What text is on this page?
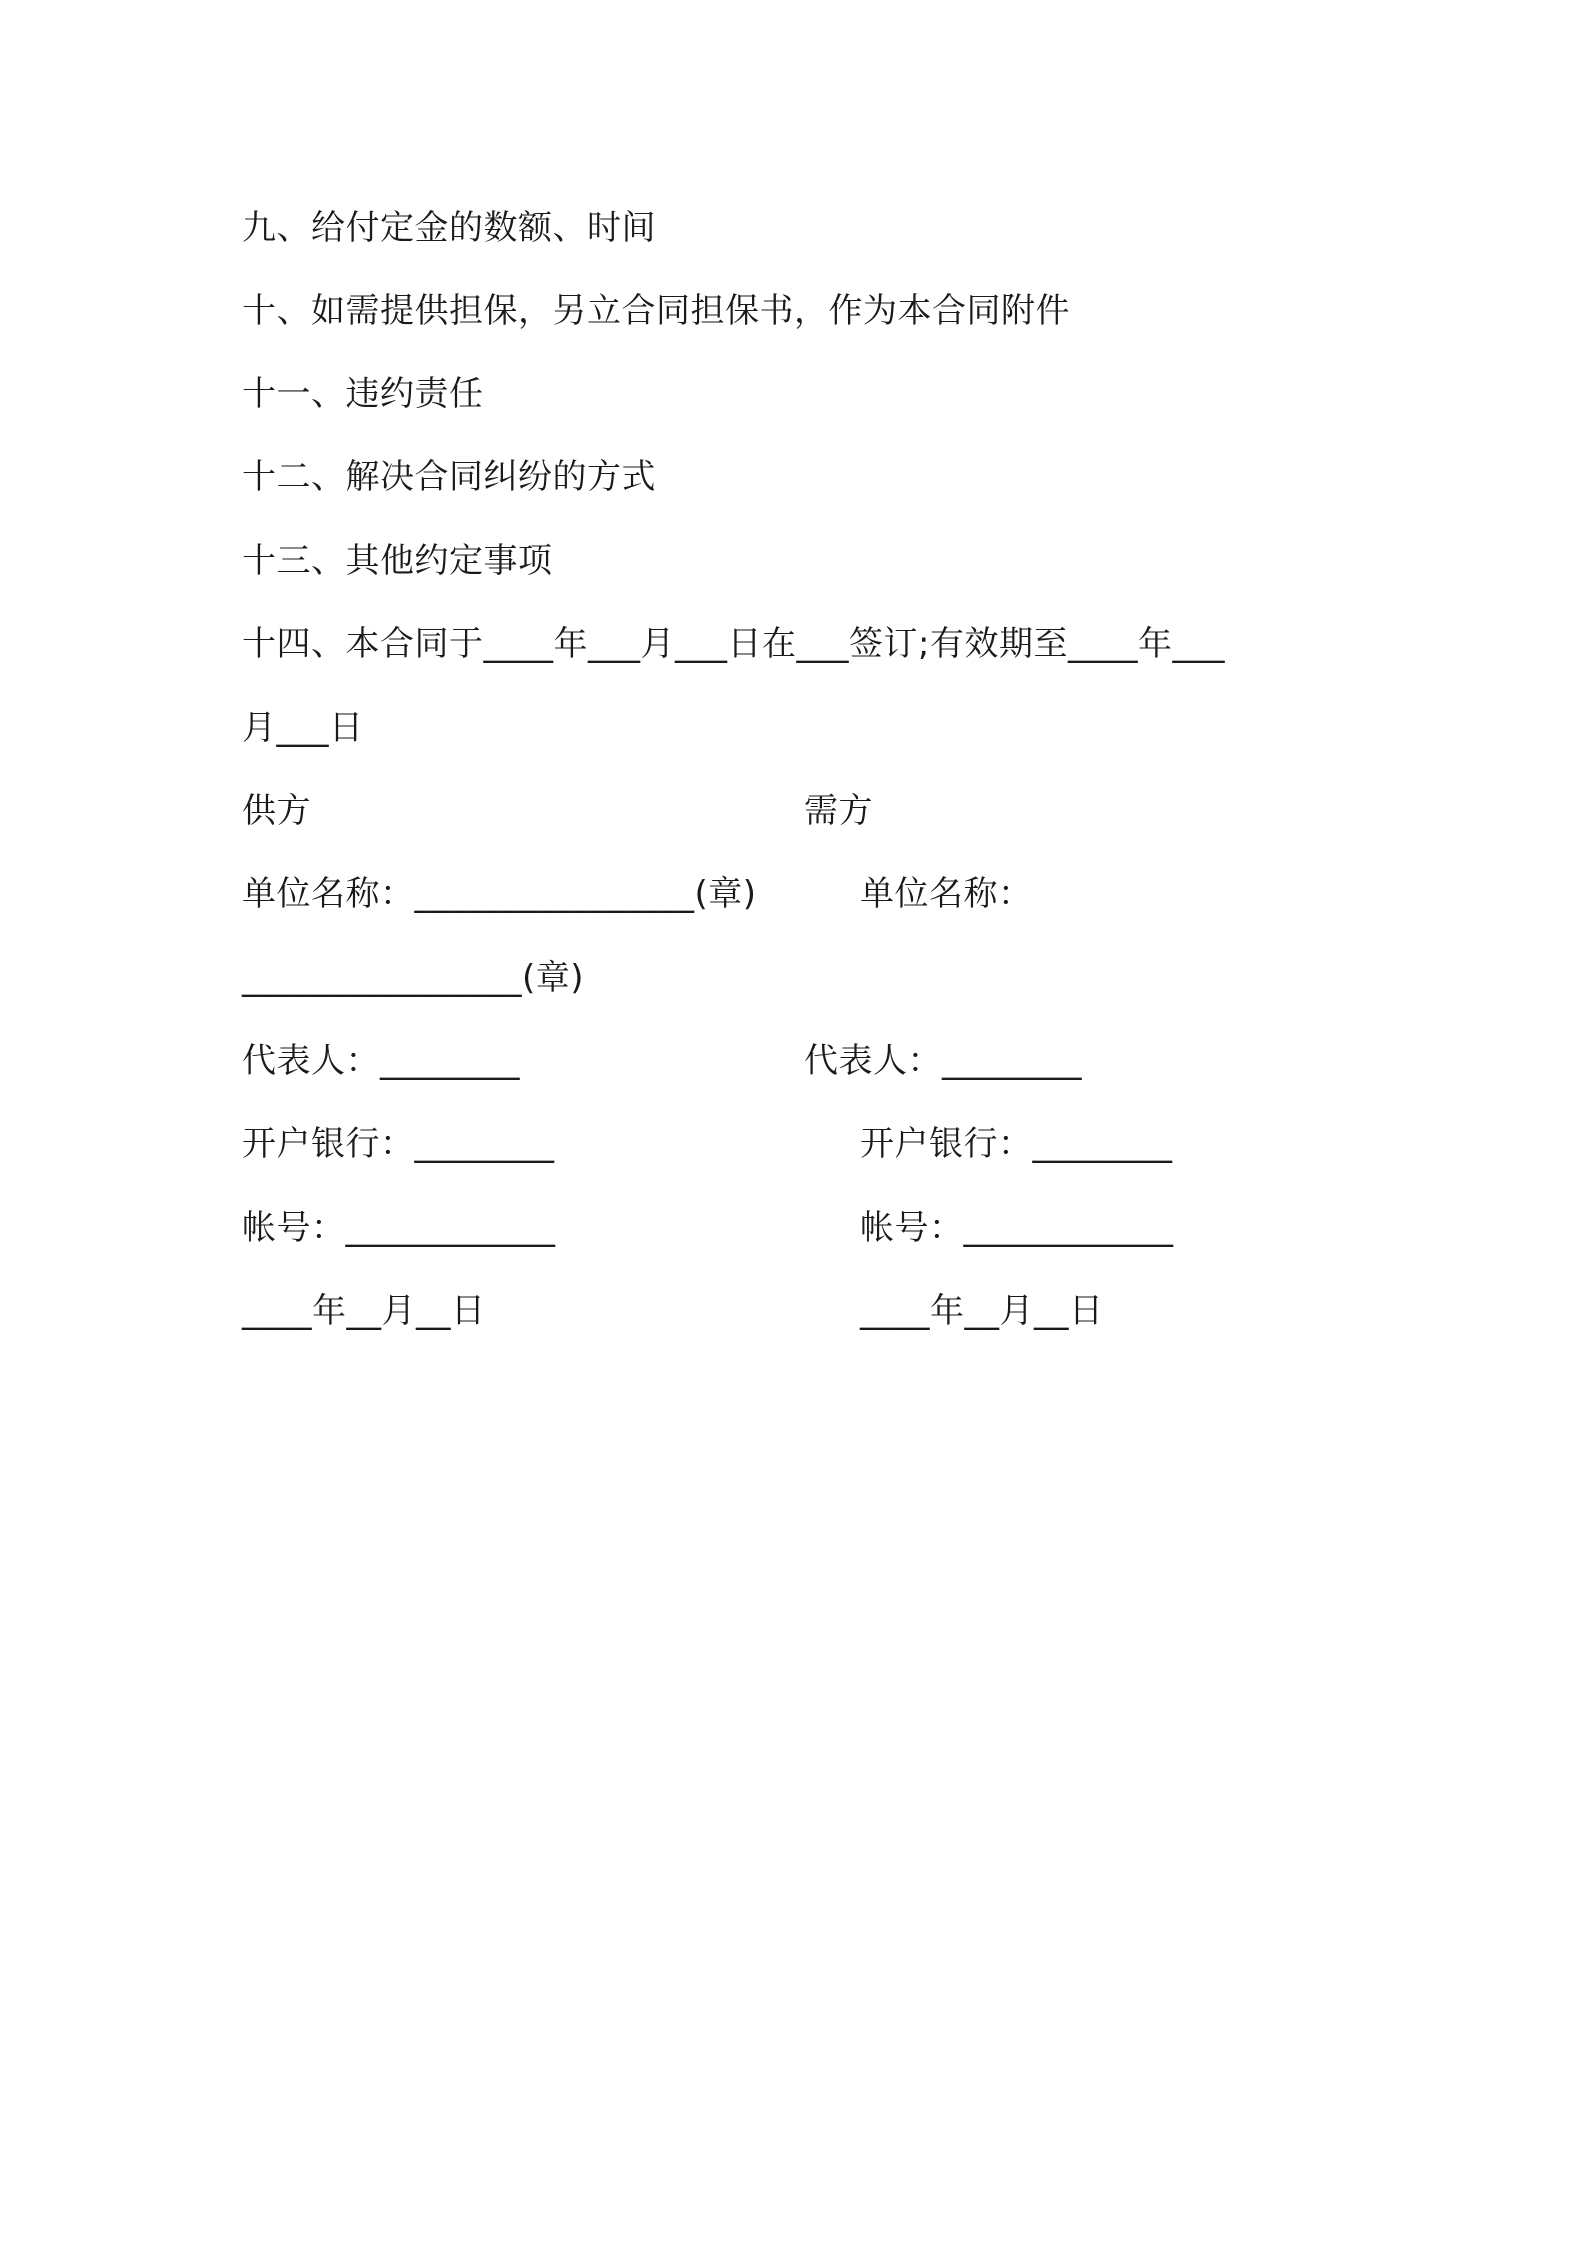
九、给付定金的数额、时间
十、如需提供担保，另立合同担保书，作为本合同附件
十一、违约责任
十二、解决合同纠纷的方式
十三、其他约定事项
十四、本合同于____年___月___日在___签订;有效期至____年___
月___日
供方	需方
单位名称：________________(章)	单位名称：
________________(章)
代表人：________	代表人：________
开户银行：________	开户银行：________
帐号：____________	帐号：____________
____年__月__日	____年__月__日
